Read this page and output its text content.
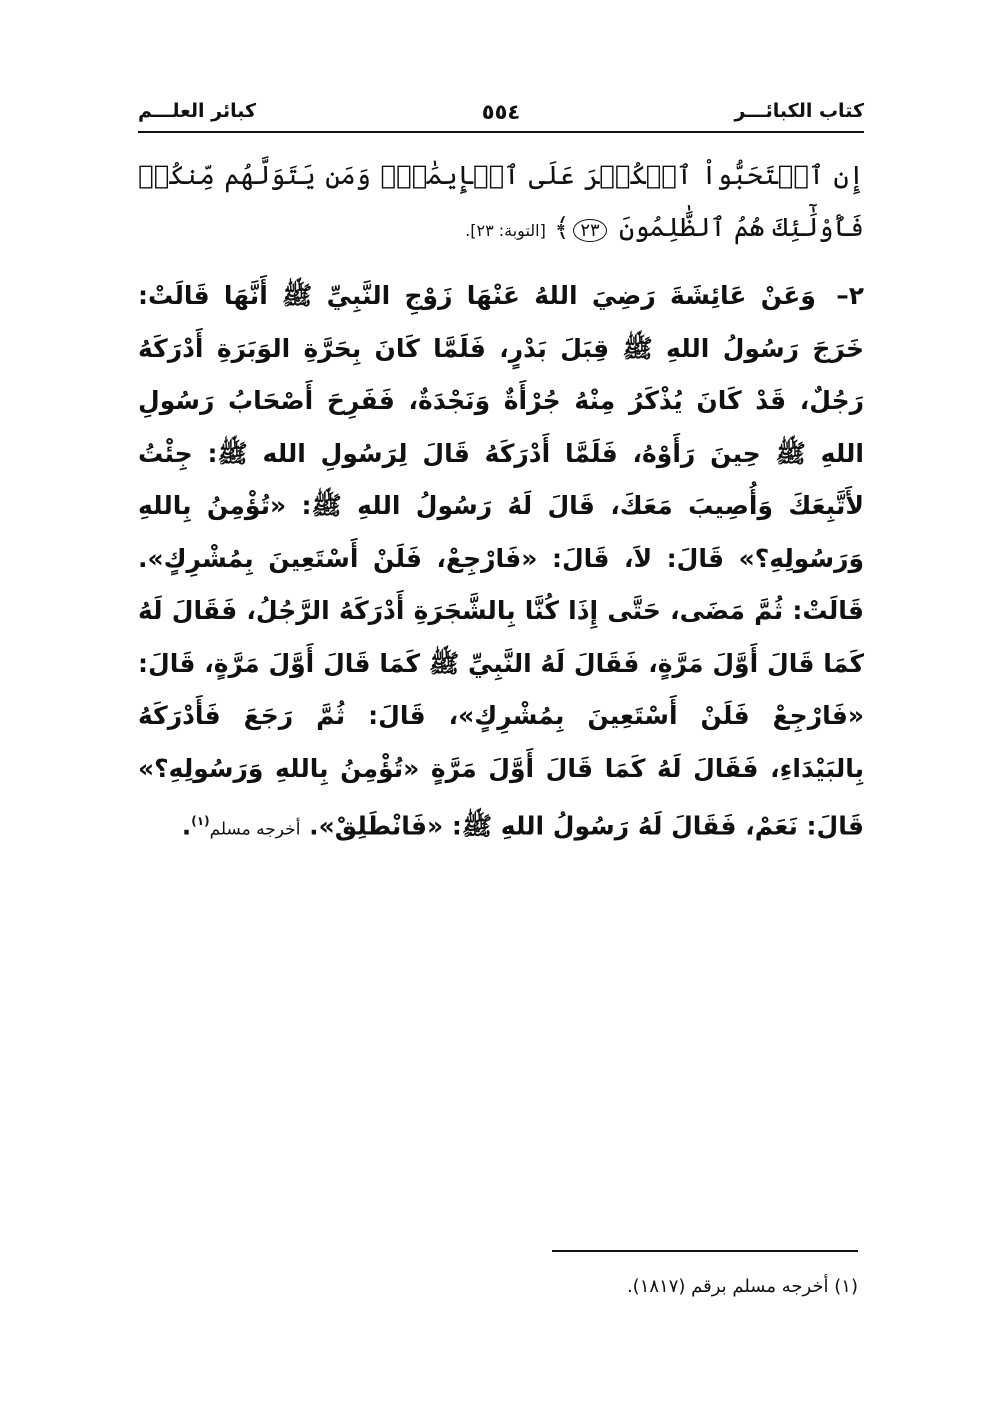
كتاب الكبائـــر
٥٥٤
كبائر العلـــم
إِن ٱسۡتَحَبُّواْ ٱلۡكُفۡرَ عَلَى ٱلۡإِيمَٰنِۚ وَمَن يَتَوَلَّهُم مِّنكُمۡ فَأُوْلَٰٓئِكَ هُمُ ٱلظَّٰلِمُونَ ٢٣﴾ [التوبة: ٢٣].
٢– وَعَنْ عَائِشَةَ رَضِيَ اللهُ عَنْهَا زَوْجِ النَّبِيِّ ﷺ أَنَّهَا قَالَتْ: خَرَجَ رَسُولُ اللهِ ﷺ قِبَلَ بَدْرٍ، فَلَمَّا كَانَ بِحَرَّةِ الوَبَرَةِ أَدْرَكَهُ رَجُلٌ، قَدْ كَانَ يُذْكَرُ مِنْهُ جُرْأَةٌ وَنَجْدَةٌ، فَفَرِحَ أَصْحَابُ رَسُولِ اللهِ ﷺ حِينَ رَأَوْهُ، فَلَمَّا أَدْرَكَهُ قَالَ لِرَسُولِ الله ﷺ: جِئْتُ لأَتَّبِعَكَ وَأُصِيبَ مَعَكَ، قَالَ لَهُ رَسُولُ اللهِ ﷺ: «تُؤْمِنُ بِاللهِ وَرَسُولِهِ؟» قَالَ: لاَ، قَالَ: «فَارْجِعْ، فَلَنْ أَسْتَعِينَ بِمُشْرِكٍ». قَالَتْ: ثُمَّ مَضَى، حَتَّى إِذَا كُنَّا بِالشَّجَرَةِ أَدْرَكَهُ الرَّجُلُ، فَقَالَ لَهُ كَمَا قَالَ أَوَّلَ مَرَّةٍ، فَقَالَ لَهُ النَّبِيِّ ﷺ كَمَا قَالَ أَوَّلَ مَرَّةٍ، قَالَ: «فَارْجِعْ فَلَنْ أَسْتَعِينَ بِمُشْرِكٍ»، قَالَ: ثُمَّ رَجَعَ فَأَدْرَكَهُ بِالبَيْدَاءِ، فَقَالَ لَهُ كَمَا قَالَ أَوَّلَ مَرَّةٍ «تُؤْمِنُ بِاللهِ وَرَسُولِهِ؟» قَالَ: نَعَمْ، فَقَالَ لَهُ رَسُولُ اللهِ ﷺ: «فَانْطَلِقْ». أخرجه مسلم$^{(١)}$.
(١) أخرجه مسلم برقم (١٨١٧).
